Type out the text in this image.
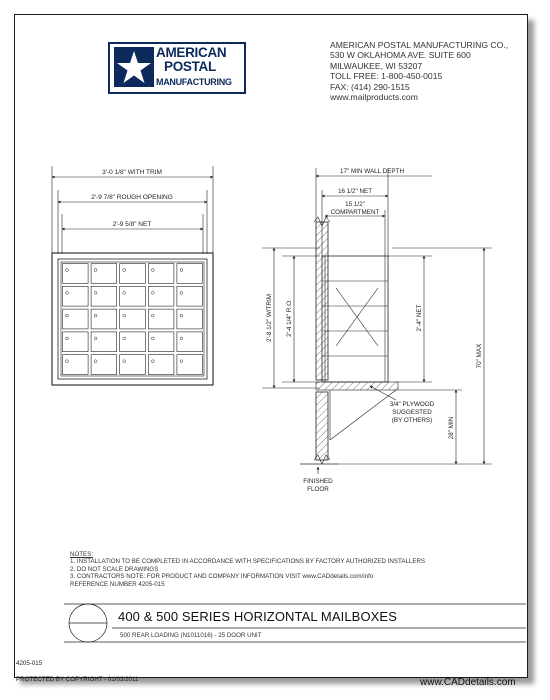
AMERICAN
POSTAL
MANUFACTURING
AMERICAN POSTAL MANUFACTURING CO.,
530 W OKLAHOMA AVE. SUITE 600
MILWAUKEE, WI 53207
TOLL FREE: 1-800-450-0015
FAX: (414) 290-1515
www.mailproducts.com
3'-0 1/8" WITH TRIM
2'-9 7/8" ROUGH OPENING
2'-9 5/8" NET
17" MIN WALL DEPTH
16 1/2" NET
15 1/2"
COMPARTMENT
2'-8 1/2" W/TRIM 2'-4 1/4" R.O.	2'-4" NET
70" MAX
28" MIN
3/4" PLYWOOD
SUGGESTED
(BY OTHERS)
FINISHED
FLOOR
NOTES:
1. INSTALLATION TO BE COMPLETED IN ACCORDANCE WITH SPECIFICATIONS BY FACTORY AUTHORIZED INSTALLERS
2. DO NOT SCALE DRAWINGS
3. CONTRACTORS NOTE: FOR PRODUCT AND COMPANY INFORMATION VISIT www.CADdetails.com/info
REFERENCE NUMBER 4205-015
400 & 500 SERIES HORIZONTAL MAILBOXES
500 REAR LOADING (N1011016) - 25 DOOR UNIT
4205-015
PROTECTED BY COPYRIGHT - 01/03/2011	www.CADdetails.com
